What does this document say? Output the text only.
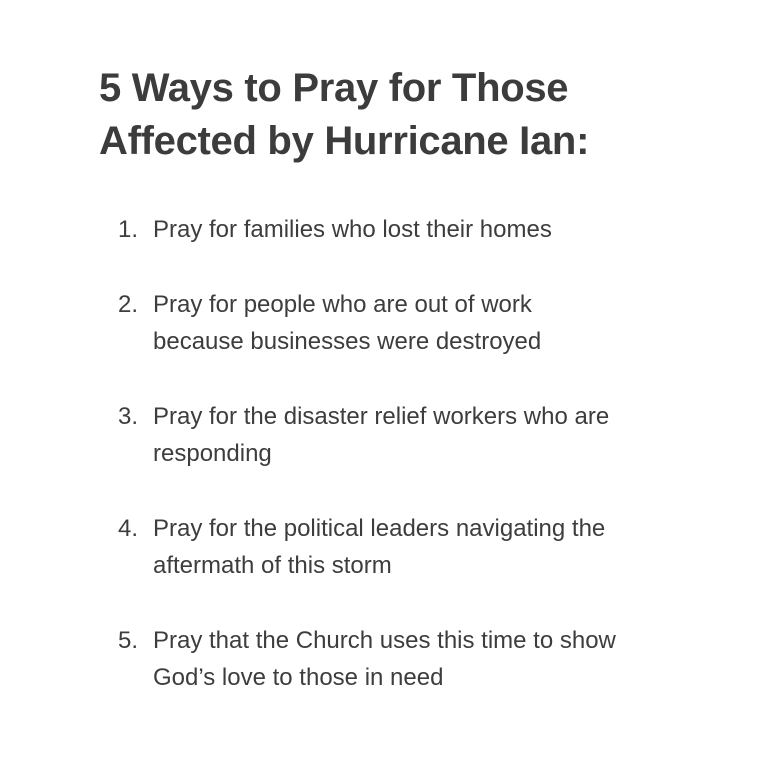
5 Ways to Pray for Those
Affected by Hurricane Ian:
1. Pray for families who lost their homes
2. Pray for people who are out of work
because businesses were destroyed
3. Pray for the disaster relief workers who are
responding
4. Pray for the political leaders navigating the
aftermath of this storm
5. Pray that the Church uses this time to show
God’s love to those in need
